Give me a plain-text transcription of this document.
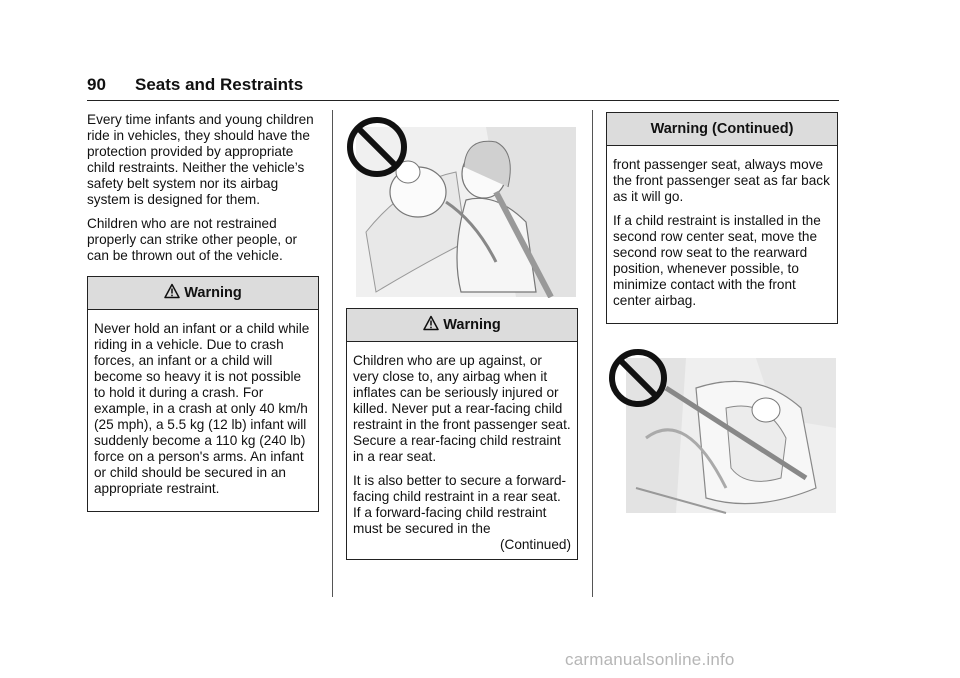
90 Seats and Restraints

Every time infants and young children ride in vehicles, they should have the protection provided by appropriate child restraints. Neither the vehicle’s safety belt system nor its airbag system is designed for them.

Children who are not restrained properly can strike other people, or can be thrown out of the vehicle.

Warning

Never hold an infant or a child while riding in a vehicle. Due to crash forces, an infant or a child will become so heavy it is not possible to hold it during a crash. For example, in a crash at only 40 km/h (25 mph), a 5.5 kg (12 lb) infant will suddenly become a 110 kg (240 lb) force on a person's arms. An infant or child should be secured in an appropriate restraint.

Warning

Children who are up against, or very close to, any airbag when it inflates can be seriously injured or killed. Never put a rear-facing child restraint in the front passenger seat. Secure a rear-facing child restraint in a rear seat.

It is also better to secure a forward-facing child restraint in a rear seat. If a forward-facing child restraint must be secured in the

(Continued)
Warning (Continued)

front passenger seat, always move the front passenger seat as far back as it will go.

If a child restraint is installed in the second row center seat, move the second row seat to the rearward position, whenever possible, to minimize contact with the front center airbag.

carmanualsonline.info
